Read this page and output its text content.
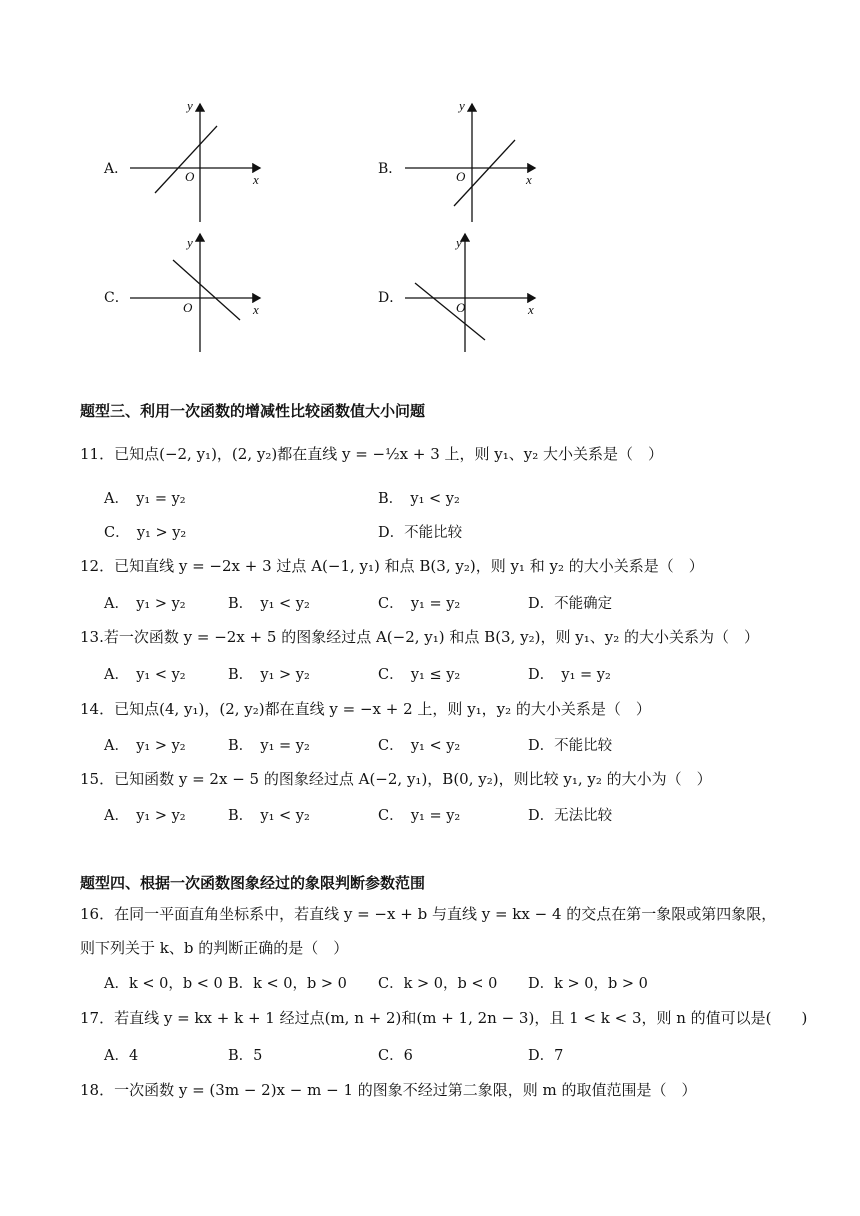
A．
y
x
O	B．
y
x
O
C．
y
x
O
D．
y
x
O
题型三、利用一次函数的增减性比较函数值大小问题
11．已知点(−2, y₁)，(2, y₂)都在直线 y = −½x + 3 上，则 y₁、y₂ 大小关系是（　）
A．　y₁ = y₂	B．　y₁ < y₂
C．　y₁ > y₂	D．不能比较
12．已知直线 y = −2x + 3 过点 A(−1, y₁) 和点 B(3, y₂)，则 y₁ 和 y₂ 的大小关系是（　）
A．　y₁ > y₂	B．　y₁ < y₂	C．　y₁ = y₂	D．不能确定
13.若一次函数 y = −2x + 5 的图象经过点 A(−2, y₁) 和点 B(3, y₂)，则 y₁、y₂ 的大小关系为（　）
A．　y₁ < y₂	B．　y₁ > y₂	C．　y₁ ≤ y₂	D．　y₁ = y₂
14．已知点(4, y₁)，(2, y₂)都在直线 y = −x + 2 上，则 y₁，y₂ 的大小关系是（　）
A．　y₁ > y₂	B．　y₁ = y₂	C．　y₁ < y₂	D．不能比较
15．已知函数 y = 2x − 5 的图象经过点 A(−2, y₁)，B(0, y₂)，则比较 y₁, y₂ 的大小为（　）
A．　y₁ > y₂	B．　y₁ < y₂	C．　y₁ = y₂	D．无法比较
题型四、根据一次函数图象经过的象限判断参数范围
16．在同一平面直角坐标系中，若直线 y = −x + b 与直线 y = kx − 4 的交点在第一象限或第四象限，
则下列关于 k、b 的判断正确的是（　）
A．k < 0，b < 0 B．k < 0，b > 0 C．k > 0，b < 0 D．k > 0，b > 0
17．若直线 y = kx + k + 1 经过点(m, n + 2)和(m + 1, 2n − 3)，且 1 < k < 3，则 n 的值可以是(　　)
A．4	B．5	C．6	D．7
18．一次函数 y = (3m − 2)x − m − 1 的图象不经过第二象限，则 m 的取值范围是（　）
